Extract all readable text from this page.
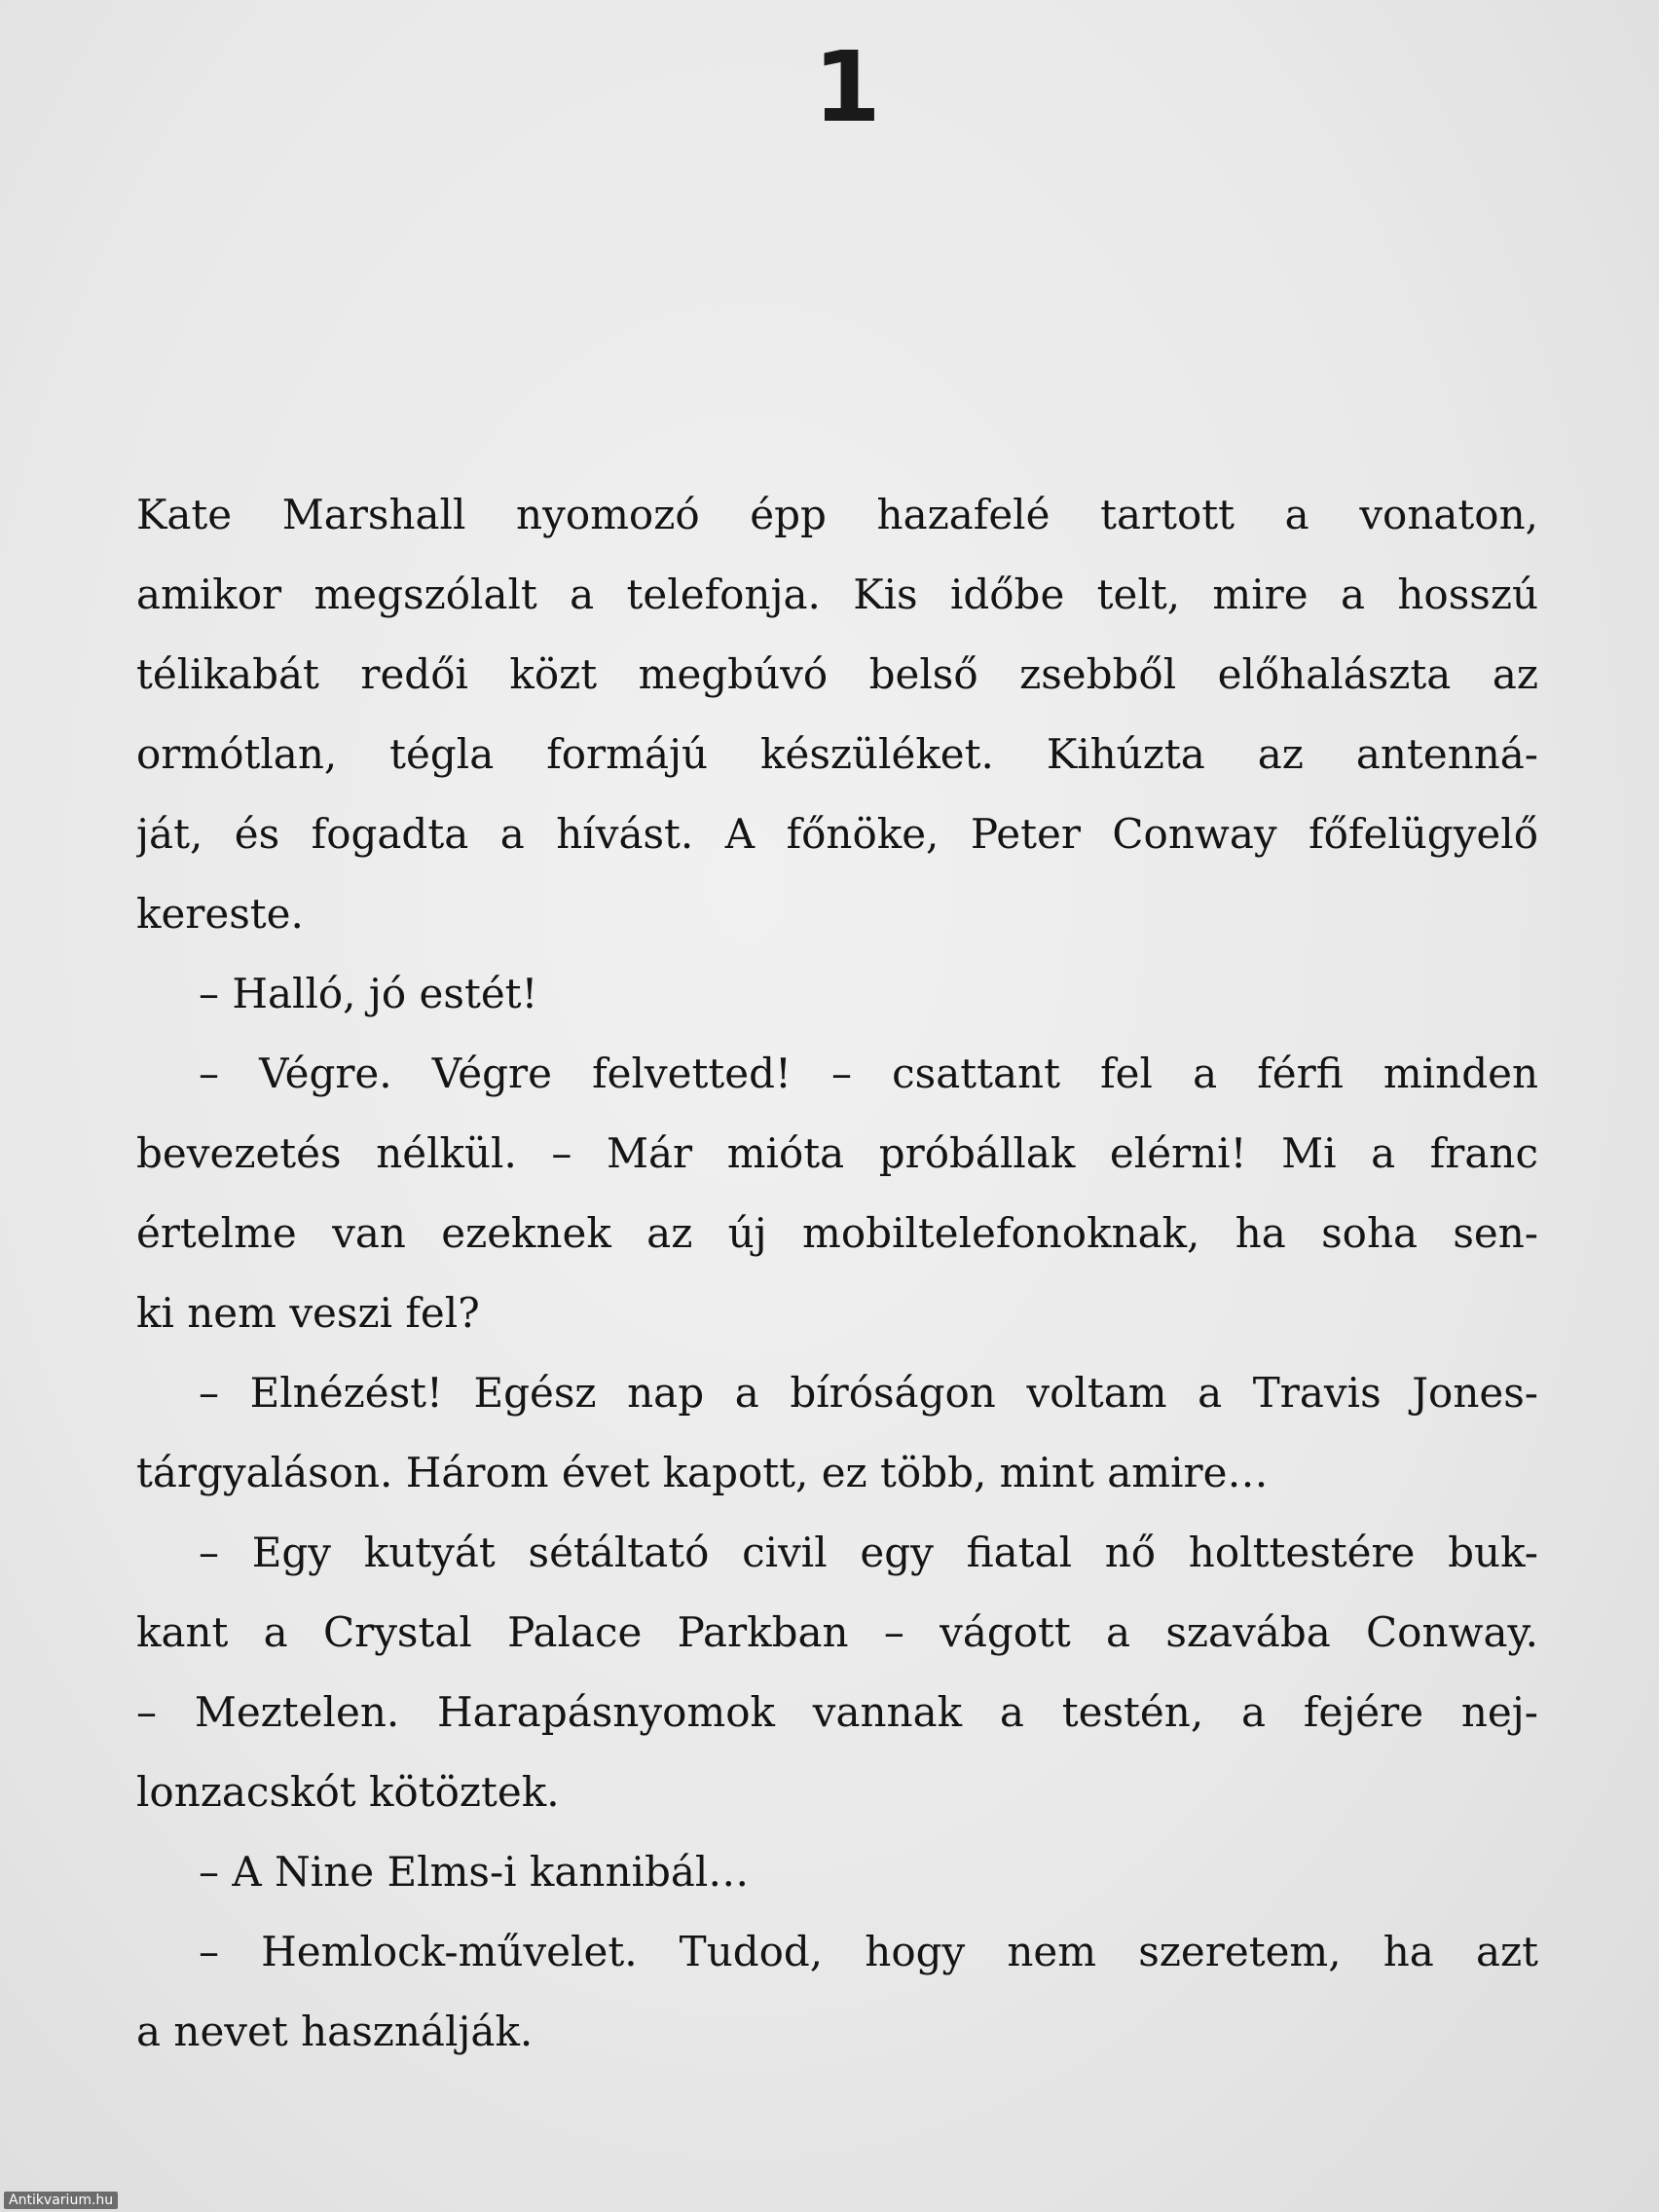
1
Kate Marshall nyomozó épp hazafelé tartott a vonaton,
amikor megszólalt a telefonja. Kis időbe telt, mire a hosszú
télikabát redői közt megbúvó belső zsebből előhalászta az
ormótlan, tégla formájú készüléket. Kihúzta az antenná-
ját, és fogadta a hívást. A főnöke, Peter Conway főfelügyelő
kereste.
– Halló, jó estét!
– Végre. Végre felvetted! – csattant fel a férfi minden
bevezetés nélkül. – Már mióta próbállak elérni! Mi a franc
értelme van ezeknek az új mobiltelefonoknak, ha soha sen-
ki nem veszi fel?
– Elnézést! Egész nap a bíróságon voltam a Travis Jones-
tárgyaláson. Három évet kapott, ez több, mint amire…
– Egy kutyát sétáltató civil egy fiatal nő holttestére buk-
kant a Crystal Palace Parkban – vágott a szavába Conway.
– Meztelen. Harapásnyomok vannak a testén, a fejére nej-
lonzacskót kötöztek.
– A Nine Elms-i kannibál…
– Hemlock-művelet. Tudod, hogy nem szeretem, ha azt
a nevet használják.
Antikvarium.hu
